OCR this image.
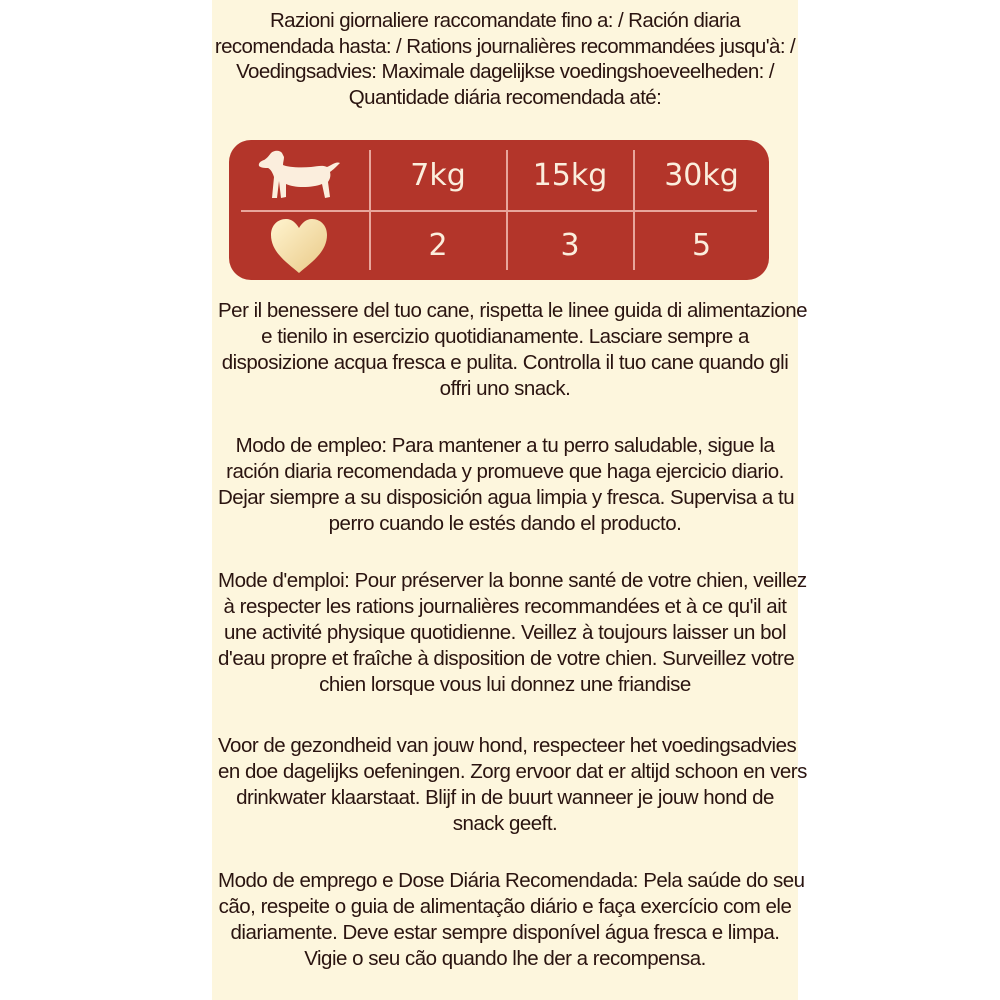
Razioni giornaliere raccomandate fino a: / Ración diaria
recomendada hasta: / Rations journalières recommandées jusqu'à: /
Voedingsadvies: Maximale dagelijkse voedingshoeveelheden: /
Quantidade diária recomendada até:
7kg	15kg	30kg
2	3	5
Per il benessere del tuo cane, rispetta le linee guida di alimentazione
e tienilo in esercizio quotidianamente. Lasciare sempre a
disposizione acqua fresca e pulita. Controlla il tuo cane quando gli
offri uno snack.
Modo de empleo: Para mantener a tu perro saludable, sigue la
ración diaria recomendada y promueve que haga ejercicio diario.
Dejar siempre a su disposición agua limpia y fresca. Supervisa a tu
perro cuando le estés dando el producto.
Mode d'emploi: Pour préserver la bonne santé de votre chien, veillez
à respecter les rations journalières recommandées et à ce qu'il ait
une activité physique quotidienne. Veillez à toujours laisser un bol
d'eau propre et fraîche à disposition de votre chien. Surveillez votre
chien lorsque vous lui donnez une friandise
Voor de gezondheid van jouw hond, respecteer het voedingsadvies
en doe dagelijks oefeningen. Zorg ervoor dat er altijd schoon en vers
drinkwater klaarstaat. Blijf in de buurt wanneer je jouw hond de
snack geeft.
Modo de emprego e Dose Diária Recomendada: Pela saúde do seu
cão, respeite o guia de alimentação diário e faça exercício com ele
diariamente. Deve estar sempre disponível água fresca e limpa.
Vigie o seu cão quando lhe der a recompensa.
